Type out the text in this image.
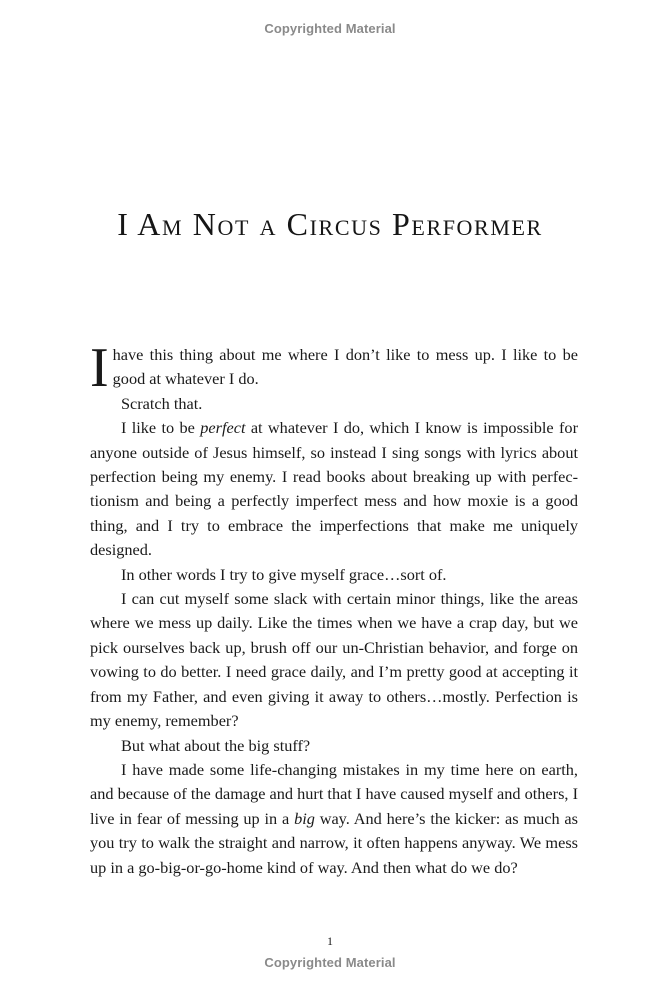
Copyrighted Material
I Am Not a Circus Performer

I have this thing about me where I don’t like to mess up. I like to be good at whatever I do.

Scratch that.

I like to be perfect at whatever I do, which I know is impossible for anyone outside of Jesus himself, so instead I sing songs with lyrics about perfection being my enemy. I read books about breaking up with perfectionism and being a perfectly imperfect mess and how moxie is a good thing, and I try to embrace the imperfections that make me uniquely designed.

In other words I try to give myself grace…sort of.

I can cut myself some slack with certain minor things, like the areas where we mess up daily. Like the times when we have a crap day, but we pick ourselves back up, brush off our un-Christian behavior, and forge on vowing to do better. I need grace daily, and I’m pretty good at accepting it from my Father, and even giving it away to others…mostly. Perfection is my enemy, remember?

But what about the big stuff?

I have made some life-changing mistakes in my time here on earth, and because of the damage and hurt that I have caused myself and others, I live in fear of messing up in a big way. And here’s the kicker: as much as you try to walk the straight and narrow, it often happens anyway. We mess up in a go-big-or-go-home kind of way. And then what do we do?

1
Copyrighted Material
